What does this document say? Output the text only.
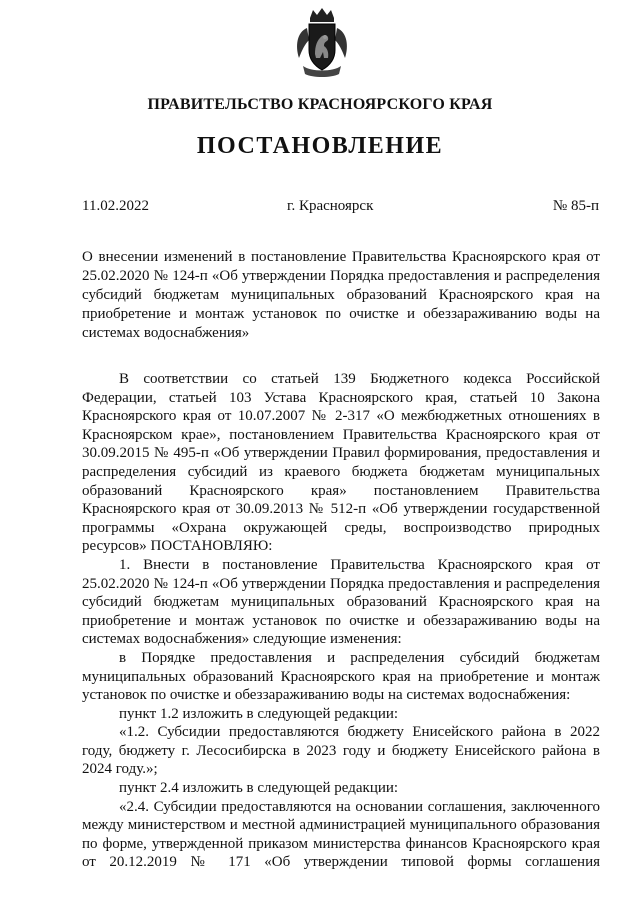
ПРАВИТЕЛЬСТВО КРАСНОЯРСКОГО КРАЯ
ПОСТАНОВЛЕНИЕ
11.02.2022	г. Красноярск	№ 85-п
О внесении изменений в постановление Правительства Красноярского края от 25.02.2020 № 124-п «Об утверждении Порядка предоставления и распределения субсидий бюджетам муниципальных образований Красноярского края на приобретение и монтаж установок по очистке и обеззараживанию воды на системах водоснабжения»

В соответствии со статьей 139 Бюджетного кодекса Российской Федерации, статьей 103 Устава Красноярского края, статьей 10 Закона Красноярского края от 10.07.2007 № 2-317 «О межбюджетных отношениях в Красноярском крае», постановлением Правительства Красноярского края от 30.09.2015 № 495-п «Об утверждении Правил формирования, предоставления и распределения субсидий из краевого бюджета бюджетам муниципальных образований Красноярского края» постановлением Правительства Красноярского края от 30.09.2013 № 512-п «Об утверждении государственной программы «Охрана окружающей среды, воспроизводство природных ресурсов» ПОСТАНОВЛЯЮ:

1. Внести в постановление Правительства Красноярского края от 25.02.2020 № 124-п «Об утверждении Порядка предоставления и распределения субсидий бюджетам муниципальных образований Красноярского края на приобретение и монтаж установок по очистке и обеззараживанию воды на системах водоснабжения» следующие изменения:

в Порядке предоставления и распределения субсидий бюджетам муниципальных образований Красноярского края на приобретение и монтаж установок по очистке и обеззараживанию воды на системах водоснабжения:

пункт 1.2 изложить в следующей редакции:

«1.2. Субсидии предоставляются бюджету Енисейского района в 2022 году, бюджету г. Лесосибирска в 2023 году и бюджету Енисейского района в 2024 году.»;

пункт 2.4 изложить в следующей редакции:

«2.4. Субсидии предоставляются на основании соглашения, заключенного между министерством и местной администрацией муниципального образования по форме, утвержденной приказом министерства финансов Красноярского края от 20.12.2019 № 171 «Об утверждении типовой формы соглашения
